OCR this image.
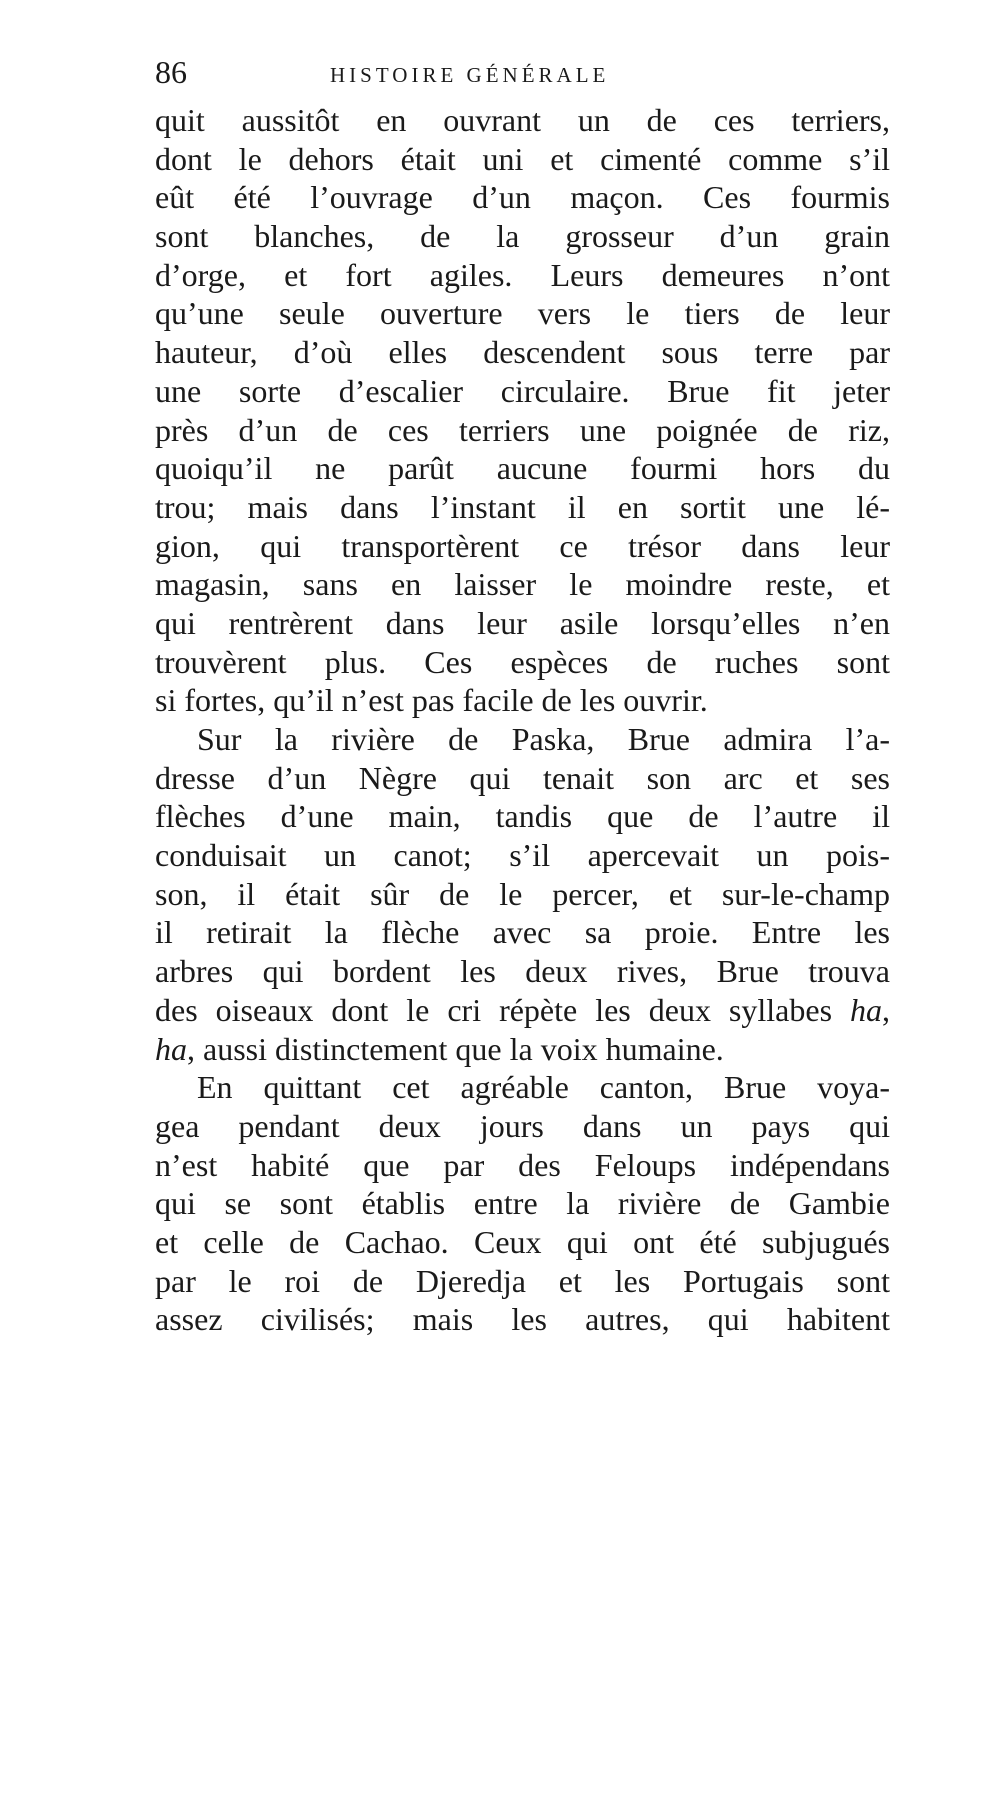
86	HISTOIRE GÉNÉRALE
quit aussitôt en ouvrant un de ces terriers,
dont le dehors était uni et cimenté comme s’il
eût été l’ouvrage d’un maçon. Ces fourmis
sont blanches, de la grosseur d’un grain
d’orge, et fort agiles. Leurs demeures n’ont
qu’une seule ouverture vers le tiers de leur
hauteur, d’où elles descendent sous terre par
une sorte d’escalier circulaire. Brue fit jeter
près d’un de ces terriers une poignée de riz,
quoiqu’il ne parût aucune fourmi hors du
trou; mais dans l’instant il en sortit une lé-
gion, qui transportèrent ce trésor dans leur
magasin, sans en laisser le moindre reste, et
qui rentrèrent dans leur asile lorsqu’elles n’en
trouvèrent plus. Ces espèces de ruches sont
si fortes, qu’il n’est pas facile de les ouvrir.
Sur la rivière de Paska, Brue admira l’a-
dresse d’un Nègre qui tenait son arc et ses
flèches d’une main, tandis que de l’autre il
conduisait un canot; s’il apercevait un pois-
son, il était sûr de le percer, et sur-le-champ
il retirait la flèche avec sa proie. Entre les
arbres qui bordent les deux rives, Brue trouva
des oiseaux dont le cri répète les deux syllabes ha,
ha, aussi distinctement que la voix humaine.
En quittant cet agréable canton, Brue voya-
gea pendant deux jours dans un pays qui
n’est habité que par des Feloups indépendans
qui se sont établis entre la rivière de Gambie
et celle de Cachao. Ceux qui ont été subjugués
par le roi de Djeredja et les Portugais sont
assez civilisés; mais les autres, qui habitent
